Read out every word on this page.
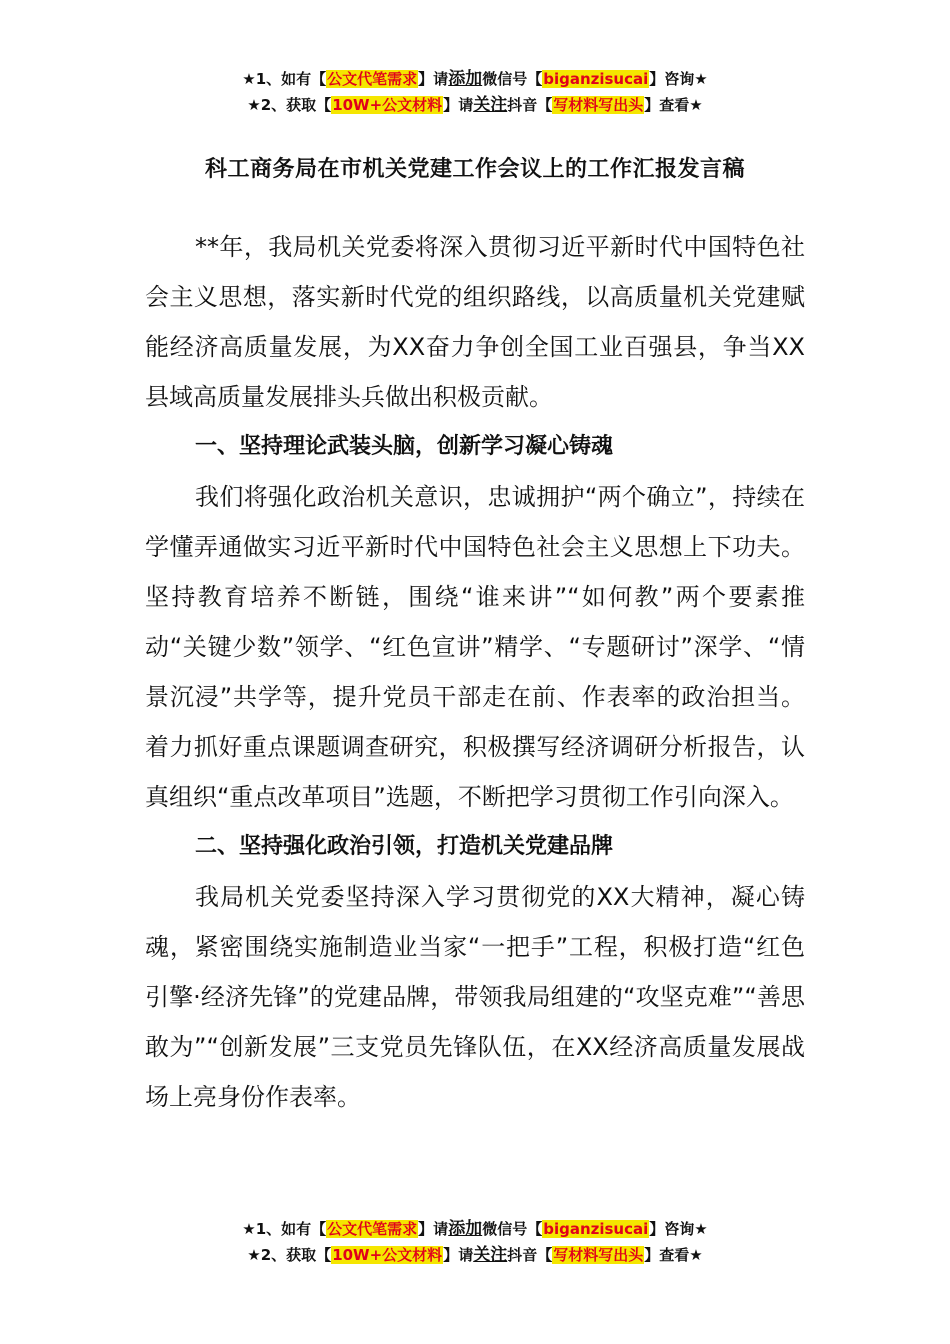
★1、如有【公文代笔需求】请添加微信号【biganzisucai】咨询★
★2、获取【10W+公文材料】请关注抖音【写材料写出头】查看★
科工商务局在市机关党建工作会议上的工作汇报发言稿

**年，我局机关党委将深入贯彻习近平新时代中国特色社会主义思想，落实新时代党的组织路线，以高质量机关党建赋能经济高质量发展，为XX奋力争创全国工业百强县，争当XX县域高质量发展排头兵做出积极贡献。

一、坚持理论武装头脑，创新学习凝心铸魂

我们将强化政治机关意识，忠诚拥护“两个确立”，持续在学懂弄通做实习近平新时代中国特色社会主义思想上下功夫。坚持教育培养不断链，围绕“谁来讲”“如何教”两个要素推动“关键少数”领学、“红色宣讲”精学、“专题研讨”深学、“情景沉浸”共学等，提升党员干部走在前、作表率的政治担当。着力抓好重点课题调查研究，积极撰写经济调研分析报告，认真组织“重点改革项目”选题，不断把学习贯彻工作引向深入。

二、坚持强化政治引领，打造机关党建品牌

我局机关党委坚持深入学习贯彻党的XX大精神，凝心铸魂，紧密围绕实施制造业当家“一把手”工程，积极打造“红色引擎·经济先锋”的党建品牌，带领我局组建的“攻坚克难”“善思敢为”“创新发展”三支党员先锋队伍，在XX经济高质量发展战场上亮身份作表率。

★1、如有【公文代笔需求】请添加微信号【biganzisucai】咨询★
★2、获取【10W+公文材料】请关注抖音【写材料写出头】查看★
